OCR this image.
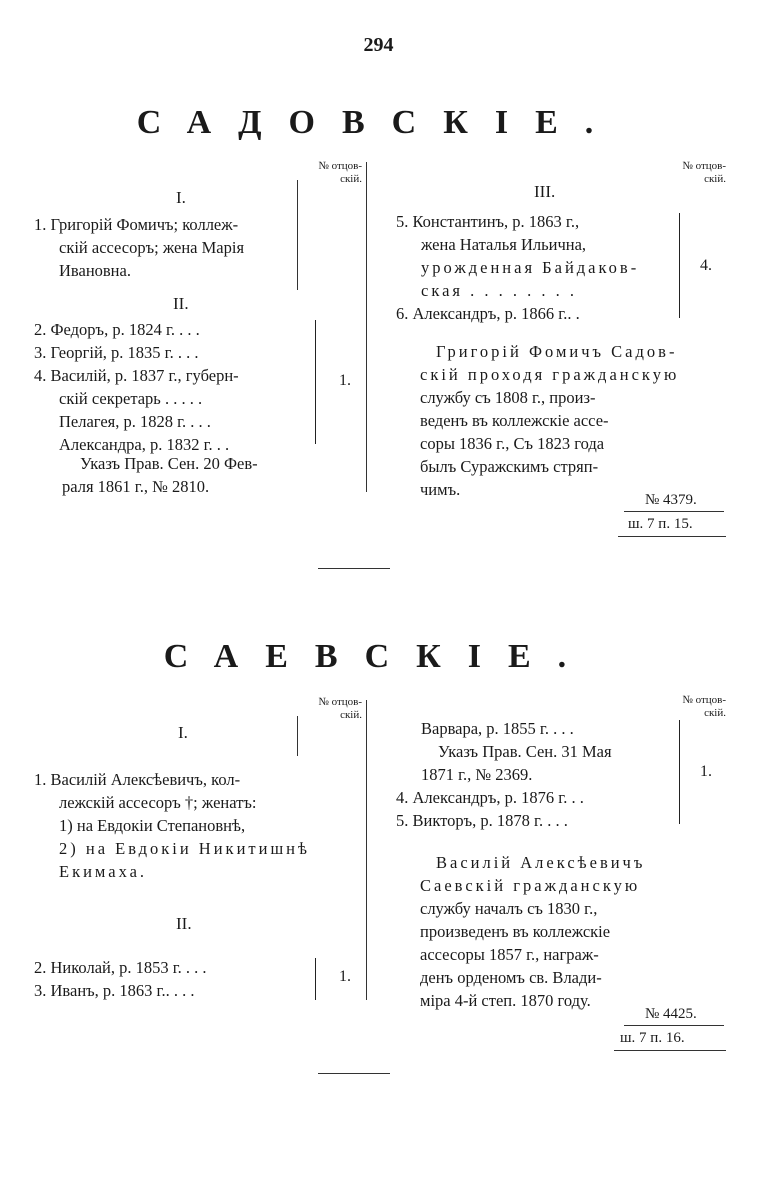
294
САДОВСКIЕ.
№ отцов-
скій.
№ отцов-
скій.
I.
1. Григорій Фомичъ; коллеж-
скій ассесоръ; жена Марія
Ивановна.
II.
2. Федоръ, р. 1824 г. . . .
3. Георгій, р. 1835 г. . . .
4. Василій, р. 1837 г., губерн-
скій секретарь . . . . .
Пелагея, р. 1828 г. . . .
Александра, р. 1832 г. . .
1.
Указъ Прав. Сен. 20 Фев-
раля 1861 г., № 2810.
III.
5. Константинъ, р. 1863 г.,
жена Наталья Ильична,
урожденная Байдаков-
ская . . . . . . . .
6. Александръ, р. 1866 г.. .
4.
Григорій Фомичъ Садов-
скій проходя гражданскую
службу съ 1808 г., произ-
веденъ въ коллежскіе ассе-
соры 1836 г., Съ 1823 года
былъ Суражскимъ стряп-
чимъ.
№ 4379.
ш. 7 п. 15.
САЕВСКIЕ.
№ отцов-
скій.
№ отцов-
скій.
I.
1. Василій Алексѣевичъ, кол-
лежскій ассесоръ †; женатъ:
1) на Евдокіи Степановнѣ,
2) на Евдокіи Никитишнѣ
Екимаха.
II.
2. Николай, р. 1853 г. . . .
3. Иванъ, р. 1863 г.. . . .
1.
Варвара, р. 1855 г. . . .
Указъ Прав. Сен. 31 Мая
1871 г., № 2369.
4. Александръ, р. 1876 г. . .
5. Викторъ, р. 1878 г. . . .
1.
Василій Алексѣевичъ
Саевскій гражданскую
службу началъ съ 1830 г.,
произведенъ въ коллежскіе
ассесоры 1857 г., награж-
денъ орденомъ св. Влади-
міра 4-й степ. 1870 году.
№ 4425.
ш. 7 п. 16.
